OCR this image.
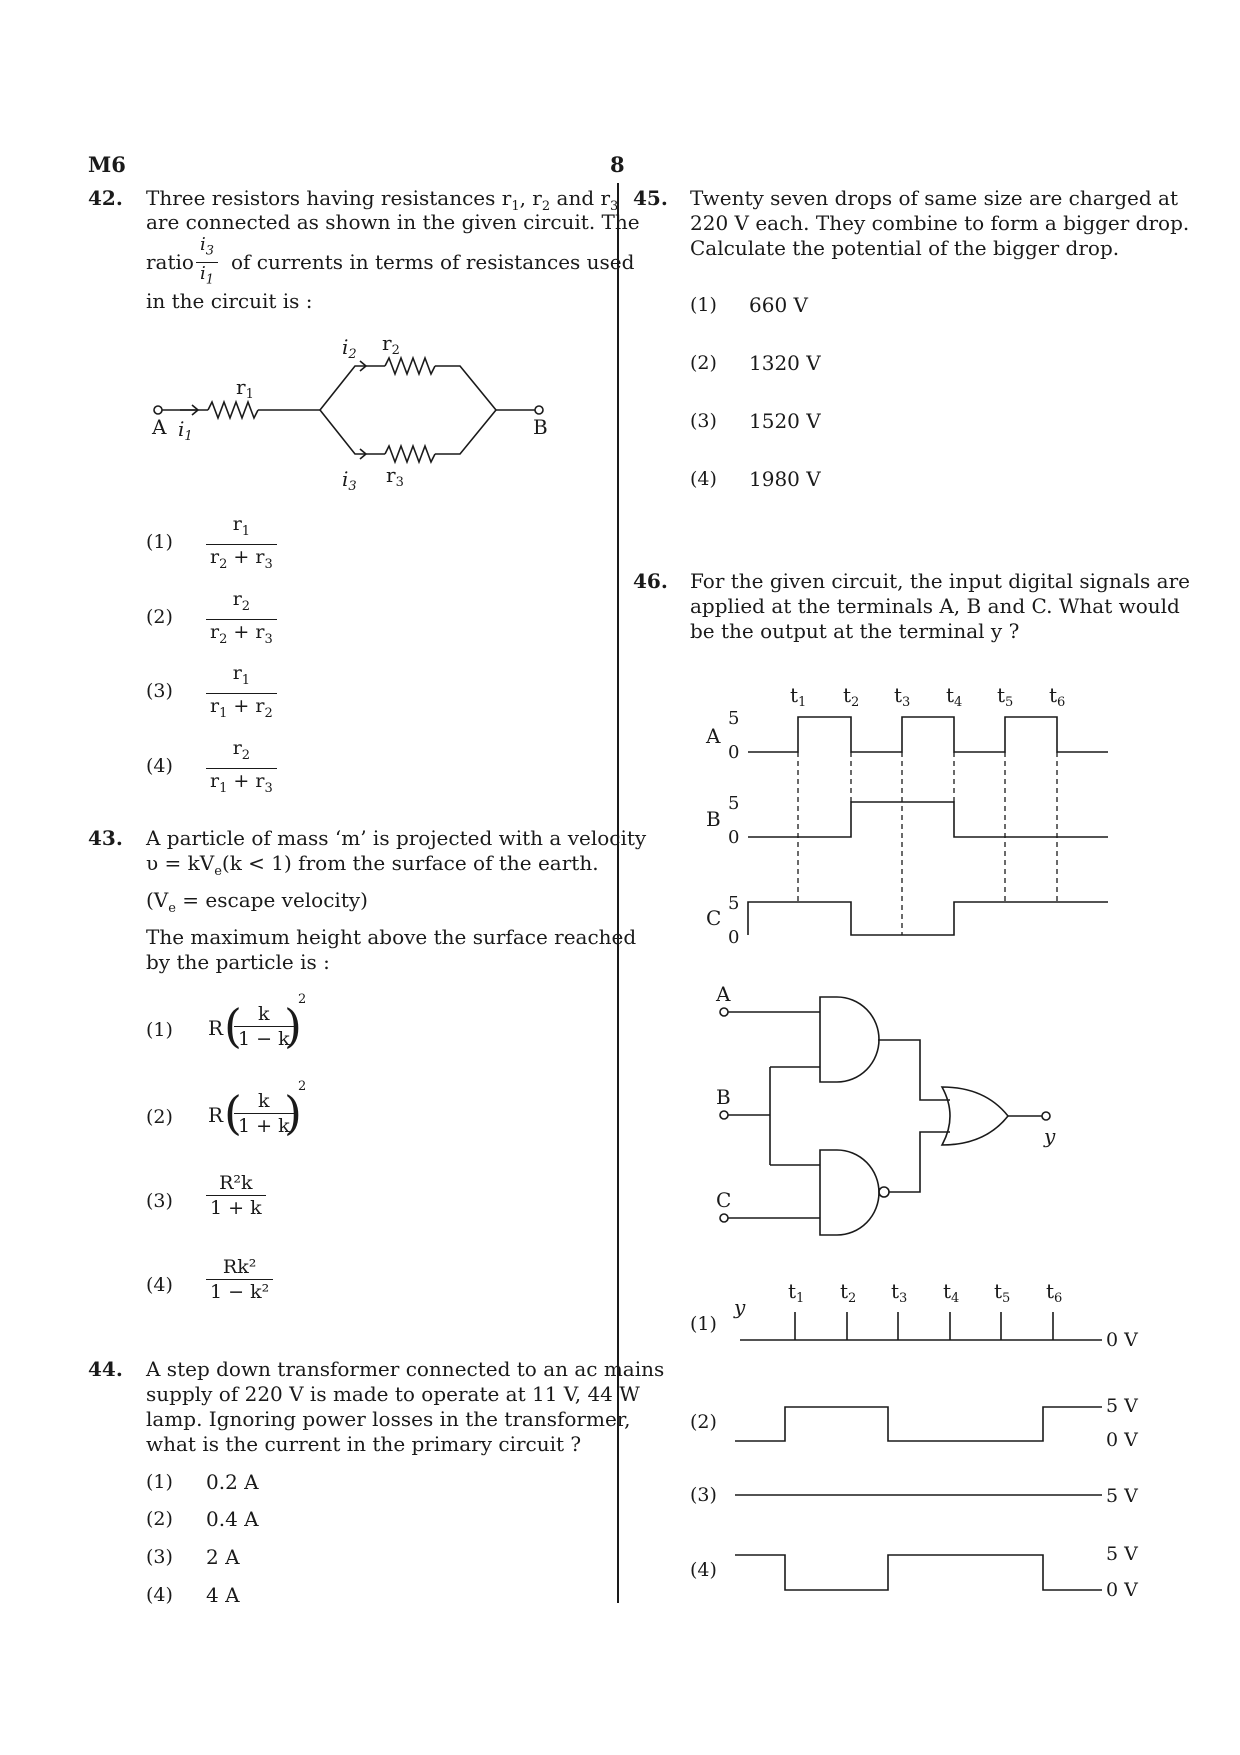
M6	8
42. Three resistors having resistances $r_1$, $r_2$ and $r_3$
are connected as shown in the given circuit. The
ratio $\frac{i_3}{i_1}$ of currents in terms of resistances used
in the circuit is :
A	B
$i_1$
$r_1$
$i_2$ $r_2$
$i_3$ $r_3$
$(1) \frac{r_1}{r_2 + r_3}$
$(2) \frac{r_2}{r_2 + r_3}$
$(3) \frac{r_1}{r_1 + r_2}$
$(4) \frac{r_2}{r_1 + r_3}$
43. A particle of mass ‘m’ is projected with a velocity
$\upsilon = kV_e(k < 1)$ from the surface of the earth.
($V_e$ = escape velocity)
The maximum height above the surface reached
by the particle is :
(1) R (
$\frac{k}{1 - k}$
)
2
(2) R (
$\frac{k}{1 + k}$
)
2
$(3) \frac{\text{R²k}}{1 + k}$
$(4) \frac{\text{Rk²}}{\text{1 − k²}}$
44. A step down transformer connected to an ac mains
supply of 220 V is made to operate at 11 V, 44 W
lamp. Ignoring power losses in the transformer,
what is the current in the primary circuit ?
(1) 0.2 A
(2) 0.4 A
(3) 2 A
(4) 4 A
45. Twenty seven drops of same size are charged at
220 V each. They combine to form a bigger drop.
Calculate the potential of the bigger drop.
(1) 660 V
(2) 1320 V
(3) 1520 V
(4) 1980 V
46. For the given circuit, the input digital signals are
applied at the terminals A, B and C. What would
be the output at the terminal y ?
A
5
0
B
5
0
C
5
0
$t_1$ $t_2$ $t_3$ $t_4$ $t_5$ $t_6$
A
B
C
y
(1)
y
$t_1$ $t_2$ $t_3$ $t_4$ $t_5$ $t_6$
0 V
(2)
5 V
0 V
(3)	5 V
(4)
5 V
0 V
